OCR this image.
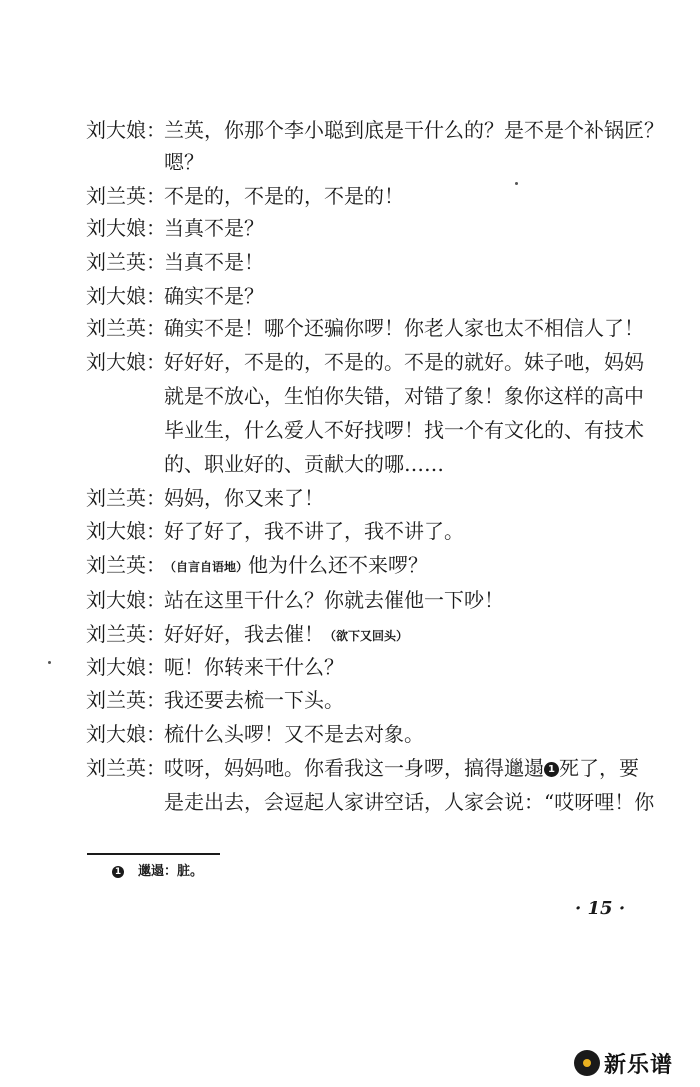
刘大娘：兰英，你那个李小聪到底是干什么的？是不是个补锅匠？
嗯？
刘兰英：不是的，不是的，不是的！
刘大娘：当真不是？
刘兰英：当真不是！
刘大娘：确实不是？
刘兰英：确实不是！哪个还骗你啰！你老人家也太不相信人了！
刘大娘：好好好，不是的，不是的。不是的就好。妹子吔，妈妈
就是不放心，生怕你失错，对错了象！象你这样的高中
毕业生，什么爱人不好找啰！找一个有文化的、有技术
的、职业好的、贡献大的哪……
刘兰英：妈妈，你又来了！
刘大娘：好了好了，我不讲了，我不讲了。
刘兰英：（自言自语地）他为什么还不来啰？
刘大娘：站在这里干什么？你就去催他一下吵！
刘兰英：好好好，我去催！（欲下又回头）
刘大娘：呃！你转来干什么？
刘兰英：我还要去梳一下头。
刘大娘：梳什么头啰！又不是去对象。
刘兰英：哎呀，妈妈吔。你看我这一身啰，搞得邋遢 1 死了，要
是走出去，会逗起人家讲空话，人家会说：“哎呀哩！你
1 邋遢：脏。
· 15 ·
新乐谱
